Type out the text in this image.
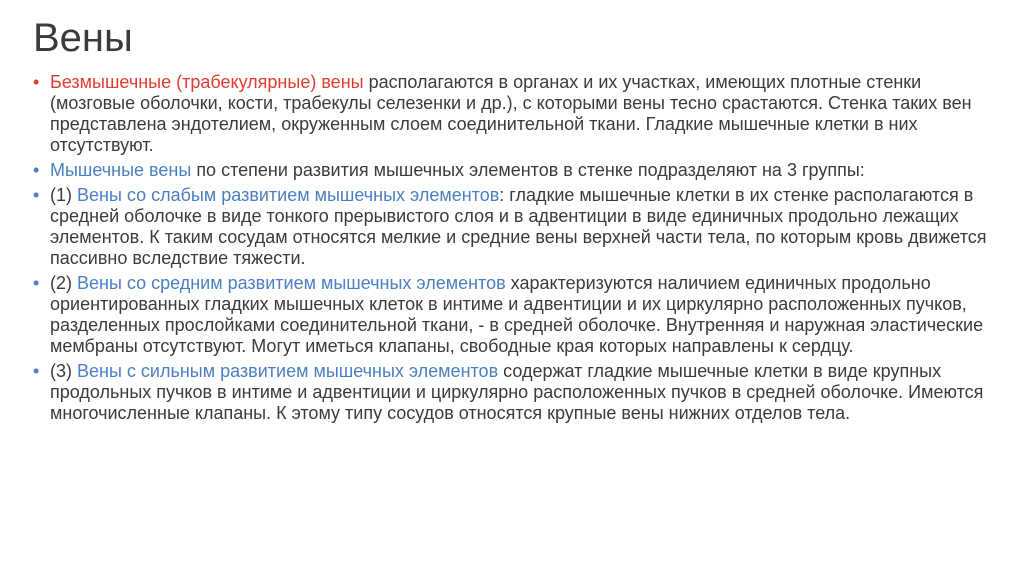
Вены
• Безмышечные (трабекулярные) вены располагаются в органах и их участках, имеющих плотные стенки (мозговые оболочки, кости, трабекулы селезенки и др.), с которыми вены тесно срастаются. Стенка таких вен представлена эндотелием, окруженным слоем соединительной ткани. Гладкие мышечные клетки в них отсутствуют.
• Мышечные вены по степени развития мышечных элементов в стенке подразделяют на 3 группы:
• (1) Вены со слабым развитием мышечных элементов: гладкие мышечные клетки в их стенке располагаются в средней оболочке в виде тонкого прерывистого слоя и в адвентиции в виде единичных продольно лежащих элементов. К таким сосудам относятся мелкие и средние вены верхней части тела, по которым кровь движется пассивно вследствие тяжести.
• (2) Вены со средним развитием мышечных элементов характеризуются наличием единичных продольно ориентированных гладких мышечных клеток в интиме и адвентиции и их циркулярно расположенных пучков, разделенных прослойками соединительной ткани, - в средней оболочке. Внутренняя и наружная эластические мембраны отсутствуют. Могут иметься клапаны, свободные края которых направлены к сердцу.
• (3) Вены с сильным развитием мышечных элементов содержат гладкие мышечные клетки в виде крупных продольных пучков в интиме и адвентиции и циркулярно расположенных пучков в средней оболочке. Имеются многочисленные клапаны. К этому типу сосудов относятся крупные вены нижних отделов тела.
